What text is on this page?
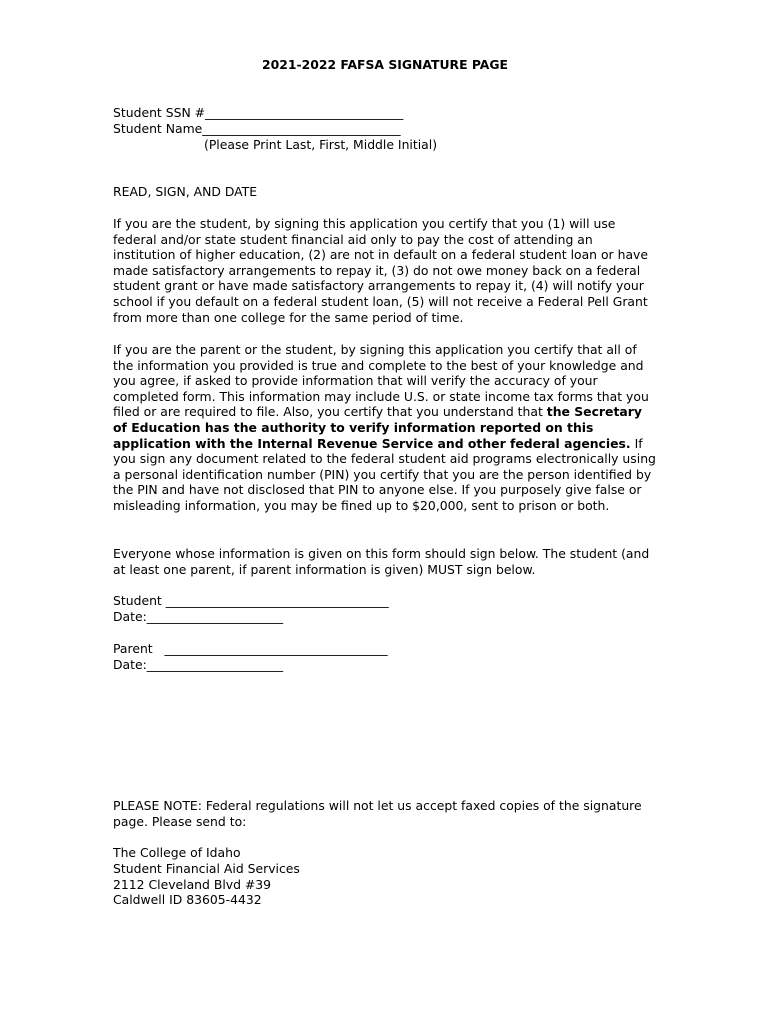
2021-2022 FAFSA SIGNATURE PAGE
Student SSN #________________________________
Student Name________________________________
(Please Print Last, First, Middle Initial)
READ, SIGN, AND DATE

If you are the student, by signing this application you certify that you (1) will use federal and/or state student financial aid only to pay the cost of attending an institution of higher education, (2) are not in default on a federal student loan or have made satisfactory arrangements to repay it, (3) do not owe money back on a federal student grant or have made satisfactory arrangements to repay it, (4) will notify your school if you default on a federal student loan, (5) will not receive a Federal Pell Grant from more than one college for the same period of time.

If you are the parent or the student, by signing this application you certify that all of the information you provided is true and complete to the best of your knowledge and you agree, if asked to provide information that will verify the accuracy of your completed form. This information may include U.S. or state income tax forms that you filed or are required to file. Also, you certify that you understand that the Secretary of Education has the authority to verify information reported on this application with the Internal Revenue Service and other federal agencies. If you sign any document related to the federal student aid programs electronically using a personal identification number (PIN) you certify that you are the person identified by the PIN and have not disclosed that PIN to anyone else. If you purposely give false or misleading information, you may be fined up to $20,000, sent to prison or both.

Everyone whose information is given on this form should sign below. The student (and at least one parent, if parent information is given) MUST sign below.

Student ____________________________________
Date:______________________
Parent   ____________________________________
Date:______________________

PLEASE NOTE: Federal regulations will not let us accept faxed copies of the signature page. Please send to:

The College of Idaho
Student Financial Aid Services
2112 Cleveland Blvd #39
Caldwell ID 83605-4432
